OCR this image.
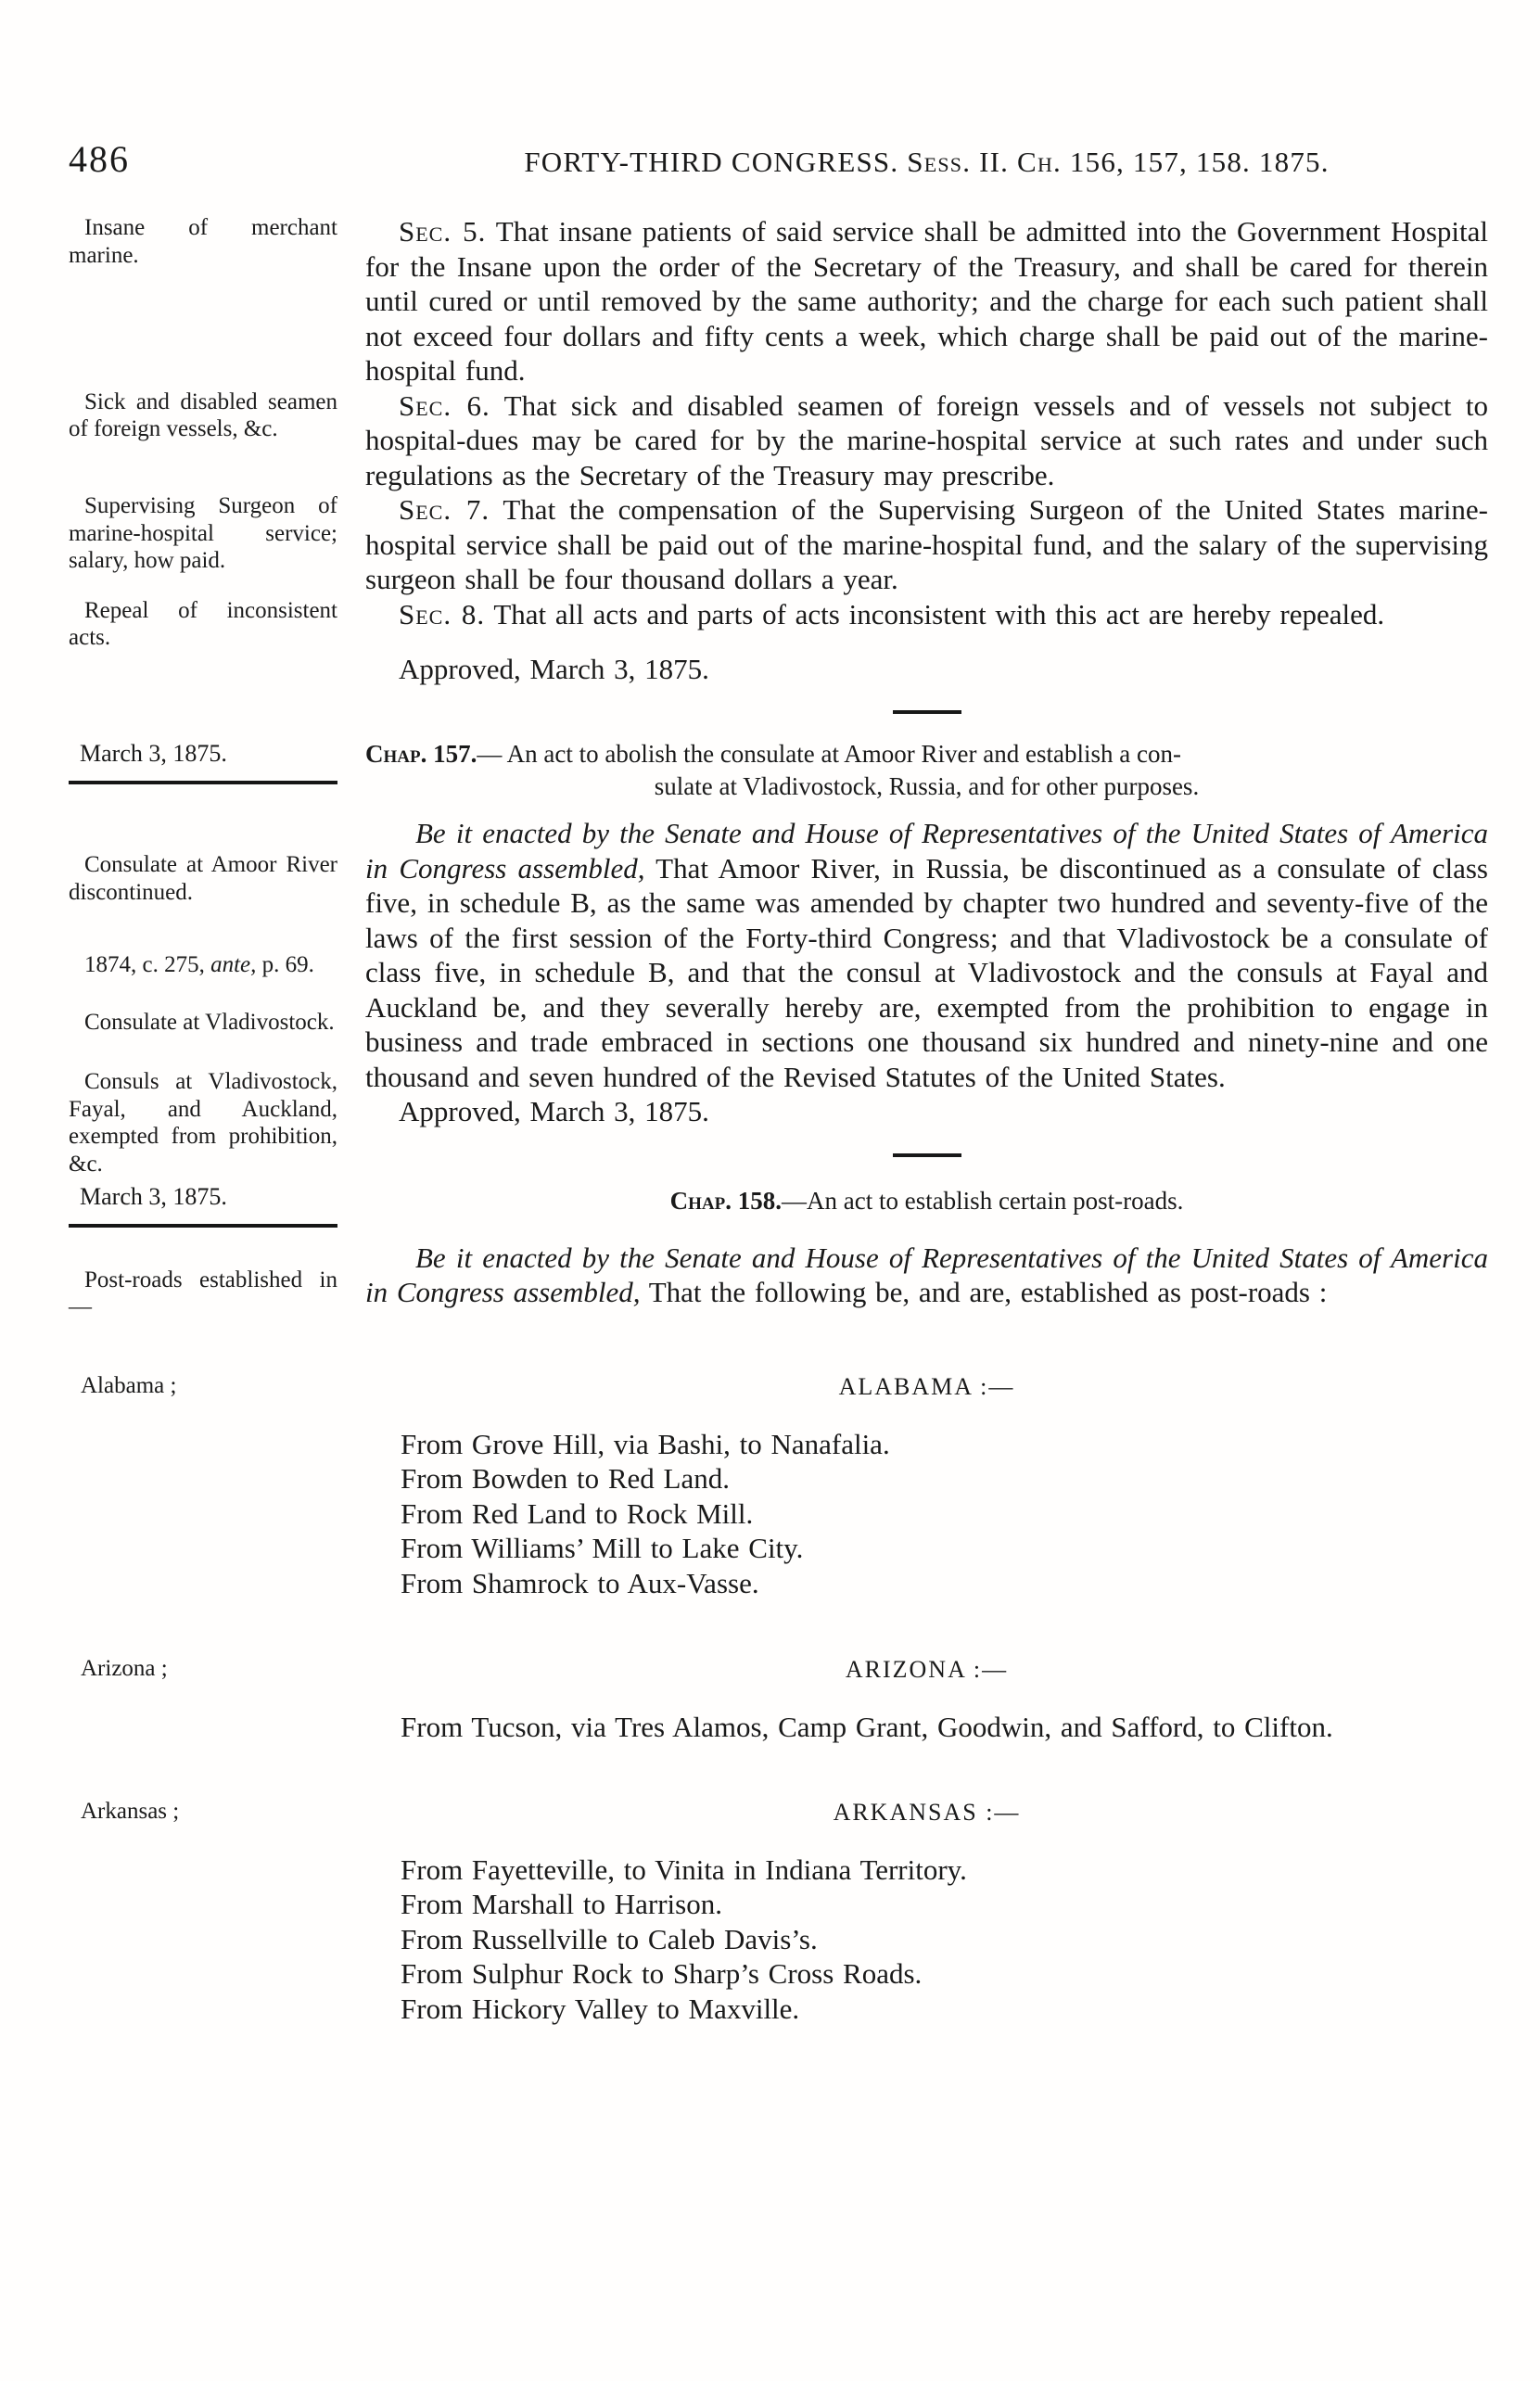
486	FORTY-THIRD CONGRESS. Sess. II. Ch. 156, 157, 158. 1875.
Insane of merchant marine.

Sec. 5. That insane patients of said service shall be admitted into the Government Hospital for the Insane upon the order of the Secretary of the Treasury, and shall be cared for therein until cured or until removed by the same authority; and the charge for each such patient shall not exceed four dollars and fifty cents a week, which charge shall be paid out of the marine-hospital fund.

Sick and disabled seamen of foreign vessels, &c.

Sec. 6. That sick and disabled seamen of foreign vessels and of vessels not subject to hospital-dues may be cared for by the marine-hospital service at such rates and under such regulations as the Secretary of the Treasury may prescribe.

Supervising Surgeon of marine-hospital service; salary, how paid.

Sec. 7. That the compensation of the Supervising Surgeon of the United States marine-hospital service shall be paid out of the marine-hospital fund, and the salary of the supervising surgeon shall be four thousand dollars a year.

Repeal of inconsistent acts.

Sec. 8. That all acts and parts of acts inconsistent with this act are hereby repealed.

Approved, March 3, 1875.

March 3, 1875.	Chap. 157.— An act to abolish the consulate at Amoor River and establish a con-
sulate at Vladivostock, Russia, and for other purposes.
Consulate at Amoor River discontinued.
1874, c. 275, ante, p. 69.
Consulate at Vladivostock.
Consuls at Vladivostock, Fayal, and Auckland, exempted from prohibition, &c.

Be it enacted by the Senate and House of Representatives of the United States of America in Congress assembled, That Amoor River, in Russia, be discontinued as a consulate of class five, in schedule B, as the same was amended by chapter two hundred and seventy-five of the laws of the first session of the Forty-third Congress; and that Vladivostock be a consulate of class five, in schedule B, and that the consul at Vladivostock and the consuls at Fayal and Auckland be, and they severally hereby are, exempted from the prohibition to engage in business and trade embraced in sections one thousand six hundred and ninety-nine and one thousand and seven hundred of the Revised Statutes of the United States.

Approved, March 3, 1875.

March 3, 1875.	Chap. 158.—An act to establish certain post-roads.
Post-roads established in—

Be it enacted by the Senate and House of Representatives of the United States of America in Congress assembled, That the following be, and are, established as post-roads :

Alabama ;	ALABAMA :—

From Grove Hill, via Bashi, to Nanafalia.

From Bowden to Red Land.

From Red Land to Rock Mill.

From Williams’ Mill to Lake City.

From Shamrock to Aux-Vasse.

Arizona ;	ARIZONA :—

From Tucson, via Tres Alamos, Camp Grant, Goodwin, and Safford, to Clifton.

Arkansas ;	ARKANSAS :—

From Fayetteville, to Vinita in Indiana Territory.

From Marshall to Harrison.

From Russellville to Caleb Davis’s.

From Sulphur Rock to Sharp’s Cross Roads.

From Hickory Valley to Maxville.
